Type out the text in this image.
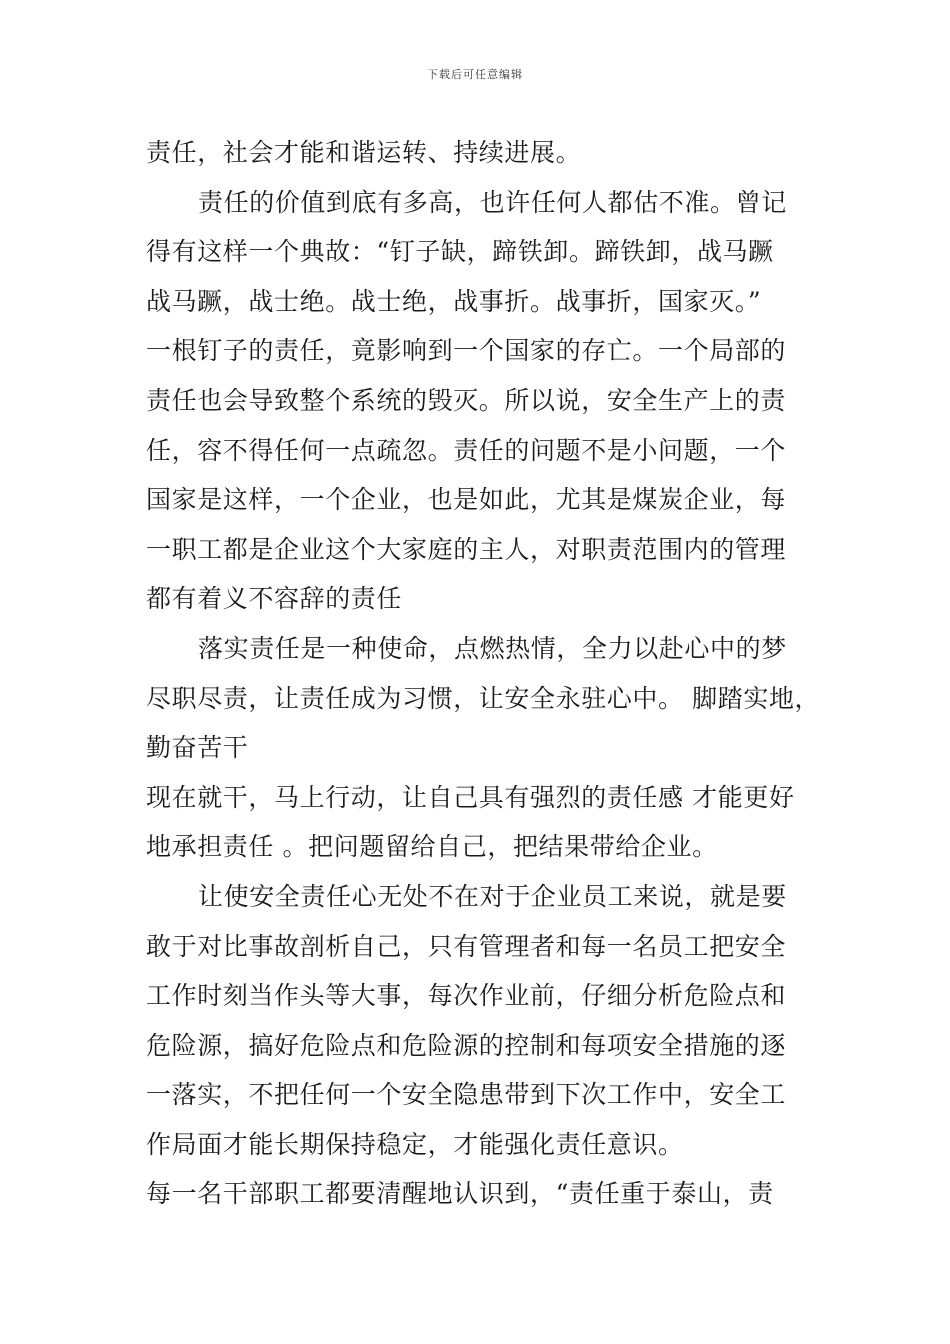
下载后可任意编辑
责任，社会才能和谐运转、持续进展。
责任的价值到底有多高，也许任何人都估不准。曾记
得有这样一个典故：“钉子缺，蹄铁卸。蹄铁卸，战马蹶
战马蹶，战士绝。战士绝，战事折。战事折，国家灭。”
一根钉子的责任，竟影响到一个国家的存亡。一个局部的
责任也会导致整个系统的毁灭。所以说，安全生产上的责
任，容不得任何一点疏忽。责任的问题不是小问题，一个
国家是这样，一个企业，也是如此，尤其是煤炭企业，每
一职工都是企业这个大家庭的主人，对职责范围内的管理
都有着义不容辞的责任
落实责任是一种使命，点燃热情，全力以赴心中的梦
尽职尽责，让责任成为习惯，让安全永驻心中。 脚踏实地，
勤奋苦干
现在就干，马上行动，让自己具有强烈的责任感 才能更好
地承担责任 。把问题留给自己，把结果带给企业。
让使安全责任心无处不在对于企业员工来说，就是要
敢于对比事故剖析自己，只有管理者和每一名员工把安全
工作时刻当作头等大事，每次作业前，仔细分析危险点和
危险源，搞好危险点和危险源的控制和每项安全措施的逐
一落实，不把任何一个安全隐患带到下次工作中，安全工
作局面才能长期保持稳定，才能强化责任意识。
每一名干部职工都要清醒地认识到，“责任重于泰山，责
